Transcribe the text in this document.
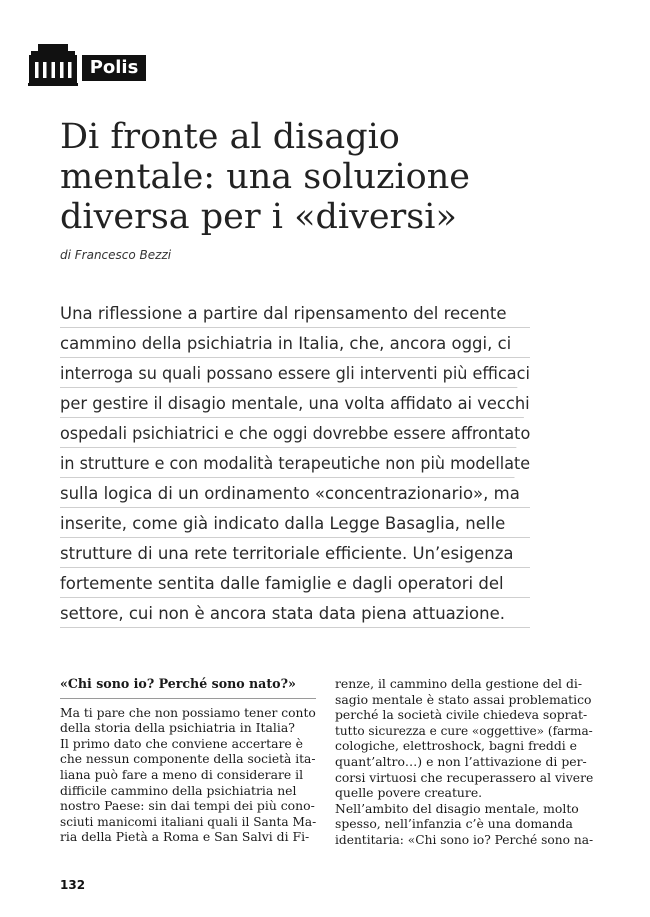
Polis
Di fronte al disagio
mentale: una soluzione
diversa per i «diversi»
di Francesco Bezzi
Una riflessione a partire dal ripensamento del recente
cammino della psichiatria in Italia, che, ancora oggi, ci
interroga su quali possano essere gli interventi più efficaci
per gestire il disagio mentale, una volta affidato ai vecchi
ospedali psichiatrici e che oggi dovrebbe essere affrontato
in strutture e con modalità terapeutiche non più modellate
sulla logica di un ordinamento «concentrazionario», ma
inserite, come già indicato dalla Legge Basaglia, nelle
strutture di una rete territoriale efficiente. Un’esigenza
fortemente sentita dalle famiglie e dagli operatori del
settore, cui non è ancora stata data piena attuazione.
«Chi sono io? Perché sono nato?»
Ma ti pare che non possiamo tener conto
della storia della psichiatria in Italia?
Il primo dato che conviene accertare è
che nessun componente della società ita-
liana può fare a meno di considerare il
difficile cammino della psichiatria nel
nostro Paese: sin dai tempi dei più cono-
sciuti manicomi italiani quali il Santa Ma-
ria della Pietà a Roma e San Salvi di Fi-
renze, il cammino della gestione del di-
sagio mentale è stato assai problematico
perché la società civile chiedeva soprat-
tutto sicurezza e cure «oggettive» (farma-
cologiche, elettroshock, bagni freddi e
quant’altro…) e non l’attivazione di per-
corsi virtuosi che recuperassero al vivere
quelle povere creature.
Nell’ambito del disagio mentale, molto
spesso, nell’infanzia c’è una domanda
identitaria: «Chi sono io? Perché sono na-
132
